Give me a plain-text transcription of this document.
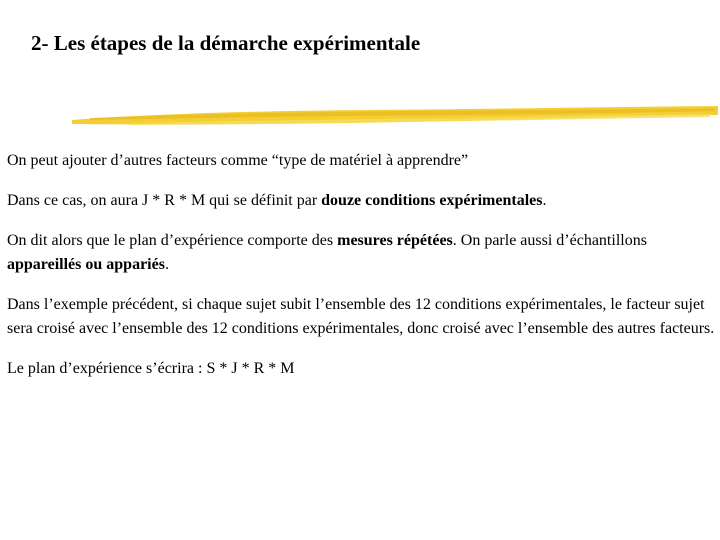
2- Les étapes de la démarche expérimentale

On peut ajouter d’autres facteurs comme “type de matériel à apprendre”

Dans ce cas, on aura J * R * M qui se définit par douze conditions expérimentales.

On dit alors que le plan d’expérience comporte des mesures répétées. On parle aussi d’échantillons appareillés ou appariés.

Dans l’exemple précédent, si chaque sujet subit l’ensemble des 12 conditions expérimentales, le facteur sujet sera croisé avec l’ensemble des 12 conditions expérimentales, donc croisé avec l’ensemble des autres facteurs.

Le plan d’expérience s’écrira : S * J * R * M
